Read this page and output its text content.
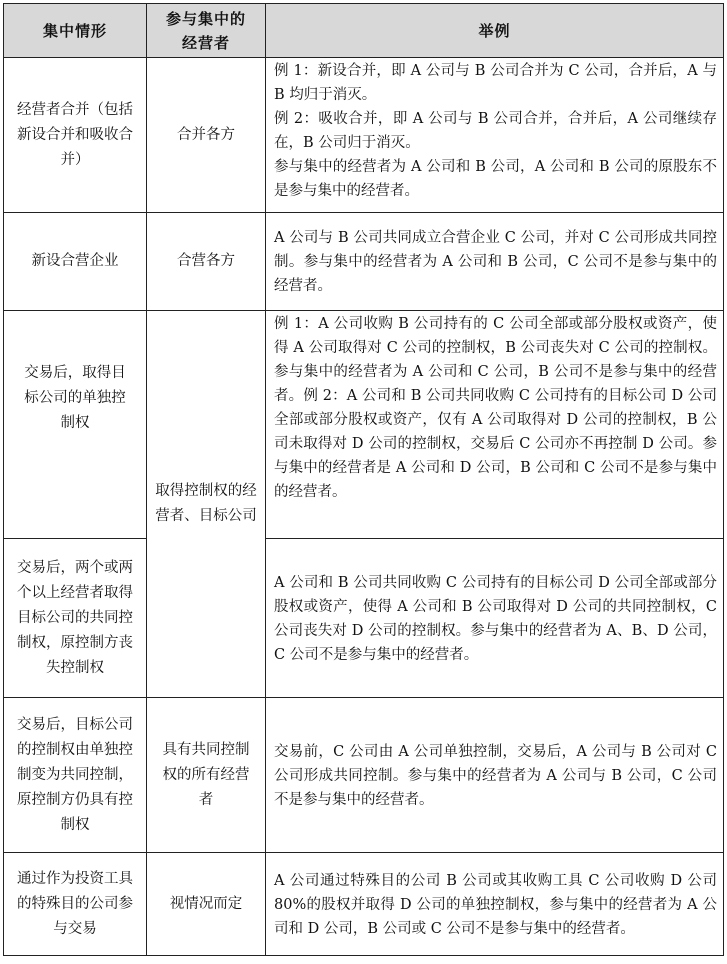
集中情形	参与集中的经营者	举例
经营者合并（包括新设合并和吸收合并）	合并各方	例 1：新设合并，即 A 公司与 B 公司合并为 C 公司，合并后，A 与 B 均归于消灭。
例 2：吸收合并，即 A 公司与 B 公司合并，合并后，A 公司继续存在，B 公司归于消灭。
参与集中的经营者为 A 公司和 B 公司，A 公司和 B 公司的原股东不是参与集中的经营者。

新设合营企业	合营各方	A 公司与 B 公司共同成立合营企业 C 公司，并对 C 公司形成共同控制。参与集中的经营者为 A 公司和 B 公司，C 公司不是参与集中的经营者。
交易后，取得目标公司的单独控制权	取得控制权的经营者、目标公司	例 1：A 公司收购 B 公司持有的 C 公司全部或部分股权或资产，使得 A 公司取得对 C 公司的控制权，B 公司丧失对 C 公司的控制权。参与集中的经营者为 A 公司和 C 公司，B 公司不是参与集中的经营者。例 2：A 公司和 B 公司共同收购 C 公司持有的目标公司 D 公司全部或部分股权或资产，仅有 A 公司取得对 D 公司的控制权，B 公司未取得对 D 公司的控制权，交易后 C 公司亦不再控制 D 公司。参与集中的经营者是 A 公司和 D 公司，B 公司和 C 公司不是参与集中的经营者。
交易后，两个或两个以上经营者取得目标公司的共同控制权，原控制方丧失控制权		A 公司和 B 公司共同收购 C 公司持有的目标公司 D 公司全部或部分股权或资产，使得 A 公司和 B 公司取得对 D 公司的共同控制权，C 公司丧失对 D 公司的控制权。参与集中的经营者为 A、B、D 公司，C 公司不是参与集中的经营者。
交易后，目标公司的控制权由单独控制变为共同控制，原控制方仍具有控制权	具有共同控制权的所有经营者	交易前，C 公司由 A 公司单独控制，交易后，A 公司与 B 公司对 C 公司形成共同控制。参与集中的经营者为 A 公司与 B 公司，C 公司不是参与集中的经营者。
通过作为投资工具的特殊目的公司参与交易	视情况而定	A 公司通过特殊目的公司 B 公司或其收购工具 C 公司收购 D 公司 80%的股权并取得 D 公司的单独控制权，参与集中的经营者为 A 公司和 D 公司，B 公司或 C 公司不是参与集中的经营者。
